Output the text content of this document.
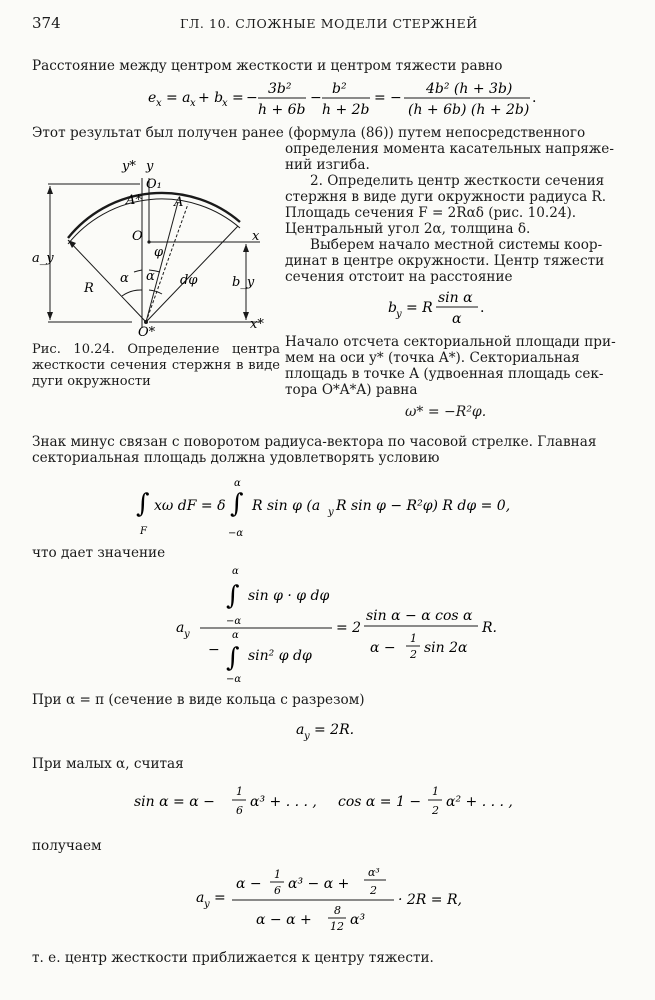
374	ГЛ. 10. СЛОЖНЫЕ МОДЕЛИ СТЕРЖНЕЙ
Расстояние между центром жесткости и центром тяжести равно
e x = a x + b
x = −
3b²
h + 6b
−
b²
h + 2b
= −
4b² (h + 3b)
(h + 6b) (h + 2b)
.
Этот результат был получен ранее (формула (86)) путем непосредственного
определения момента касательных напряже-
ний изгиба.
2. Определить центр жесткости сечения
стержня в виде дуги окружности радиуса R.
Площадь сечения F = 2Rαδ (рис. 10.24).
Центральный угол 2α, толщина δ.
Выберем начало местной системы коор-
динат в центре окружности. Центр тяжести
сечения отстоит на расстояние
b y = R
sin α
α
.
Начало отсчета секториальной площади при-
мем на оси y* (точка A*). Секториальная
площадь в точке A (удвоенная площадь сек-
тора O*A*A) равна
ω* = −R²φ.
y* y
O₁
A* A
O	x
x*
O*
a_y
b_y
R
α α
φ
dφ
Рис. 10.24. Определение центра жесткости сечения стержня в виде дуги окружности
Знак минус связан с поворотом радиуса-вектора по часовой стрелке. Главная
секториальная площадь должна удовлетворять условию
∫
F
xω dF = δ ∫
α
−α
R sin φ (a y R sin φ − R²φ) R dφ = 0,
что дает значение
a y
α
∫
−α
sin φ · φ dφ
α
− ∫
−α
sin² φ dφ
= 2
sin α − α cos α
α −
1
2 sin 2α
R.
При α = π (сечение в виде кольца с разрезом)
a y = 2R.
При малых α, считая
sin α = α −
1
6
α³ + . . . , cos α = 1 −
1
2
α² + . . . ,
получаем
a y =
α −
1
6 α³ − α +
α³
2
α − α +
8
12 α³
· 2R = R,
т. е. центр жесткости приближается к центру тяжести.
